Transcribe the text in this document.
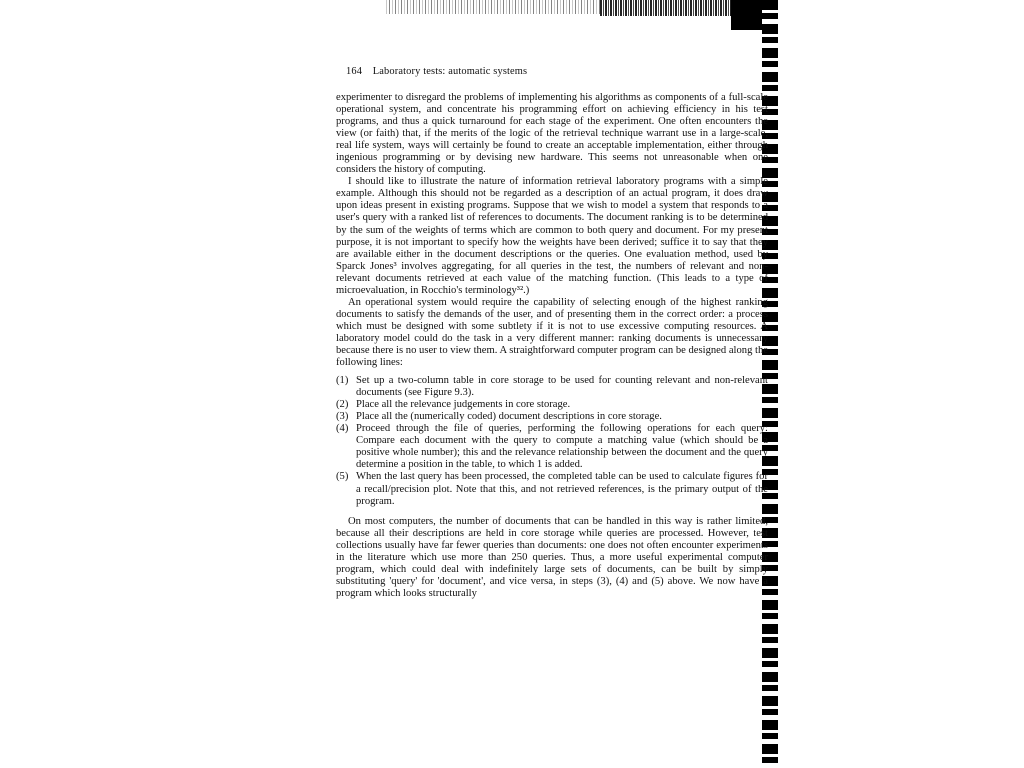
164 Laboratory tests: automatic systems

experimenter to disregard the problems of implementing his algorithms as components of a full-scale operational system, and concentrate his programming effort on achieving efficiency in his test programs, and thus a quick turnaround for each stage of the experiment. One often encounters the view (or faith) that, if the merits of the logic of the retrieval technique warrant use in a large-scale, real life system, ways will certainly be found to create an acceptable implementation, either through ingenious programming or by devising new hardware. This seems not unreasonable when one considers the history of computing.

I should like to illustrate the nature of information retrieval laboratory programs with a simple example. Although this should not be regarded as a description of an actual program, it does draw upon ideas present in existing programs. Suppose that we wish to model a system that responds to a user's query with a ranked list of references to documents. The document ranking is to be determined by the sum of the weights of terms which are common to both query and document. For my present purpose, it is not important to specify how the weights have been derived; suffice it to say that they are available either in the document descriptions or the queries. One evaluation method, used by Sparck Jones³ involves aggregating, for all queries in the test, the numbers of relevant and non-relevant documents retrieved at each value of the matching function. (This leads to a type of microevaluation, in Rocchio's terminology³².)

An operational system would require the capability of selecting enough of the highest ranking documents to satisfy the demands of the user, and of presenting them in the correct order: a process which must be designed with some subtlety if it is not to use excessive computing resources. A laboratory model could do the task in a very different manner: ranking documents is unnecessary because there is no user to view them. A straightforward computer program can be designed along the following lines:

(1) Set up a two-column table in core storage to be used for counting relevant and non-relevant documents (see Figure 9.3).
(2) Place all the relevance judgements in core storage.
(3) Place all the (numerically coded) document descriptions in core storage.
(4) Proceed through the file of queries, performing the following operations for each query: Compare each document with the query to compute a matching value (which should be a positive whole number); this and the relevance relationship between the document and the query determine a position in the table, to which 1 is added.
(5) When the last query has been processed, the completed table can be used to calculate figures for a recall/precision plot. Note that this, and not retrieved references, is the primary output of the program.

On most computers, the number of documents that can be handled in this way is rather limited, because all their descriptions are held in core storage while queries are processed. However, test collections usually have far fewer queries than documents: one does not often encounter experiments in the literature which use more than 250 queries. Thus, a more useful experimental computer program, which could deal with indefinitely large sets of documents, can be built by simply substituting 'query' for 'document', and vice versa, in steps (3), (4) and (5) above. We now have a program which looks structurally
